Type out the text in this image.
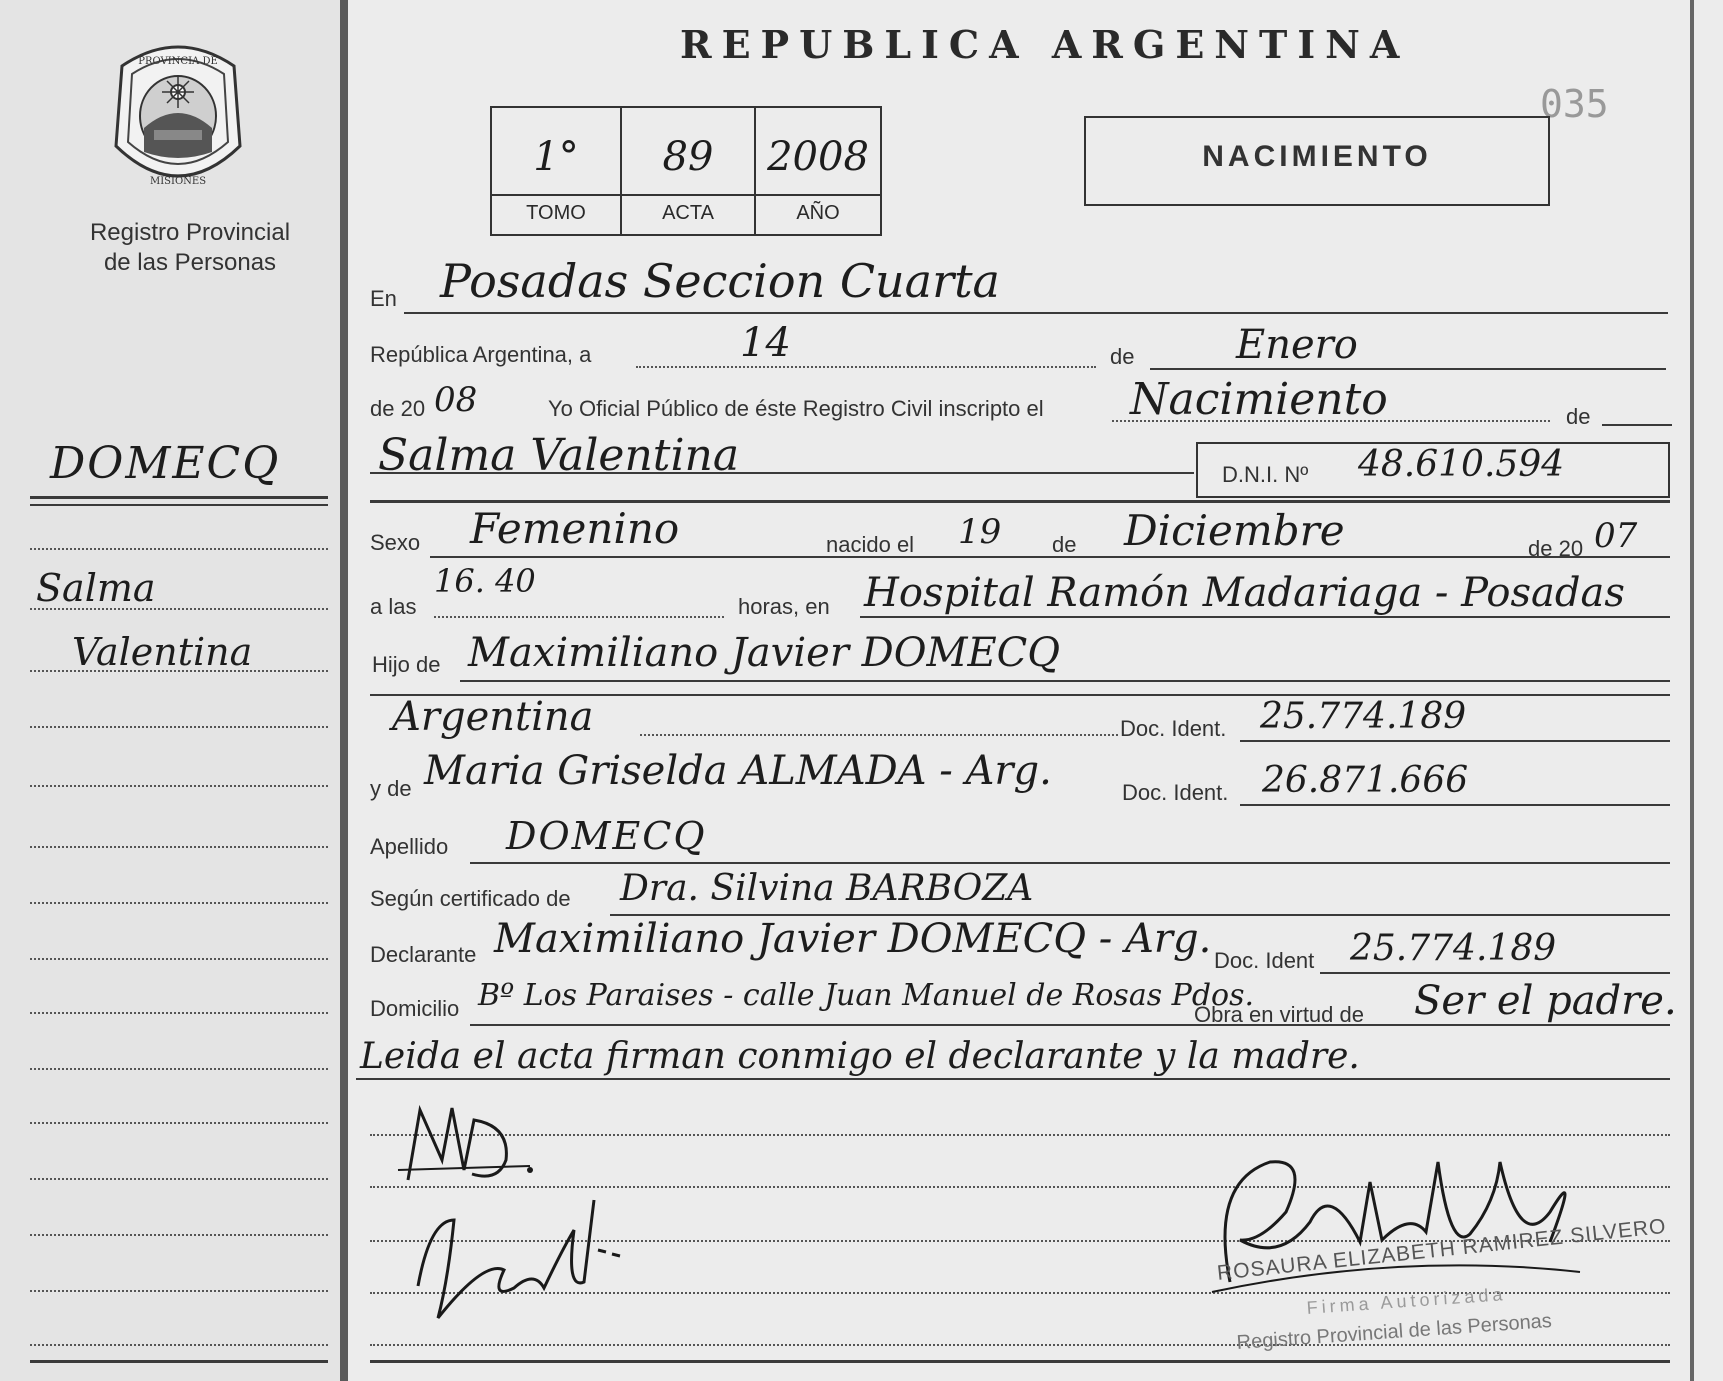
PROVINCIA DE
MISIONES
Registro Provincial
de las Personas
DOMECQ
Salma
Valentina
REPUBLICA ARGENTINA
035
1°	89	2008
TOMO	ACTA	AÑO
NACIMIENTO
En Posadas Seccion Cuarta
República Argentina, a	14	de	Enero
de 20 08	Yo Oficial Público de éste Registro Civil inscripto el Nacimiento	de
Salma Valentina	D.N.I. Nº 48.610.594
Sexo Femenino	nacido el 19 de Diciembre	de 20 07
a las
16. 40
horas, en Hospital Ramón Madariaga - Posadas
Hijo de Maximiliano Javier DOMECQ
Argentina	Doc. Ident. 25.774.189
y de Maria Griselda ALMADA - Arg.	Doc. Ident. 26.871.666
Apellido DOMECQ
Según certificado de Dra. Silvina BARBOZA
Declarante Maximiliano Javier DOMECQ - Arg. Doc. Ident 25.774.189
Domicilio Bº Los Paraises - calle Juan Manuel de Rosas Pdos.
Obra en virtud de Ser el padre.
Leida el acta firman conmigo el declarante y la madre.
ROSAURA ELIZABETH RAMIREZ SILVERO
Firma Autorizada
Registro Provincial de las Personas
